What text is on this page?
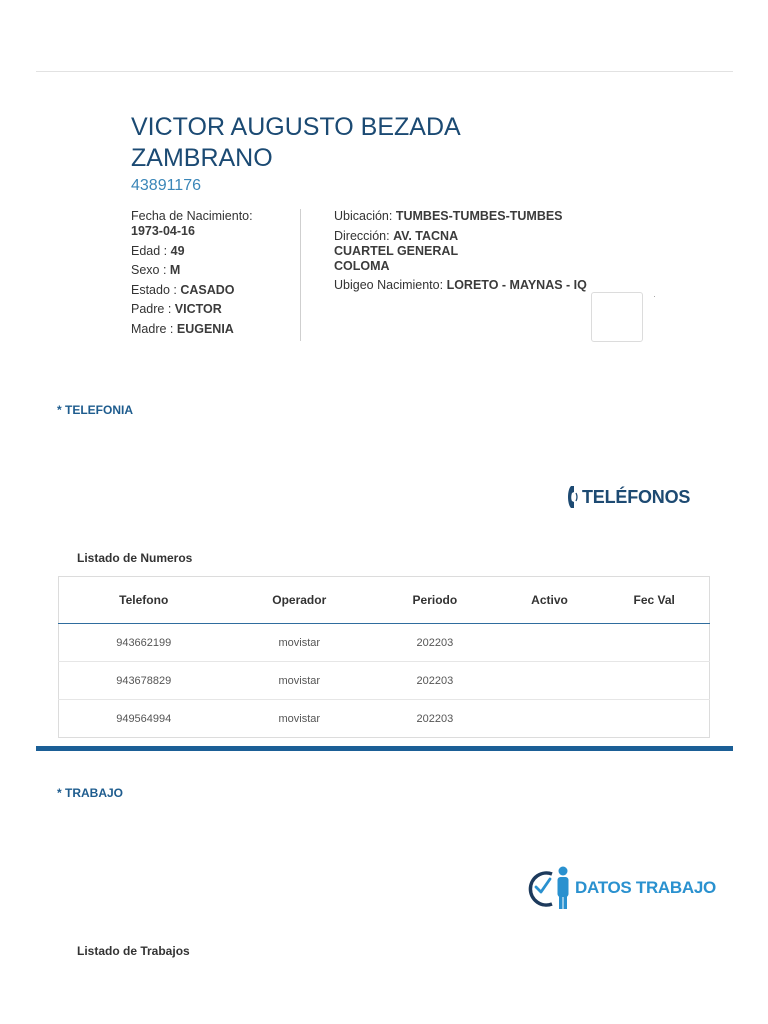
VICTOR AUGUSTO BEZADA ZAMBRANO
43891176
Fecha de Nacimiento:
1973-04-16
Edad : 49
Sexo : M
Estado : CASADO
Padre : VICTOR
Madre : EUGENIA
Ubicación: TUMBES-TUMBES-TUMBES
Dirección: AV. TACNA CUARTEL GENERAL COLOMA
Ubigeo Nacimiento: LORETO - MAYNAS - IQ
·
* TELEFONIA
TELÉFONOS
Listado de Numeros
Telefono	Operador	Periodo	Activo	Fec Val
943662199	movistar	202203		
943678829	movistar	202203		
949564994	movistar	202203		
* TRABAJO
DATOS TRABAJO
Listado de Trabajos
